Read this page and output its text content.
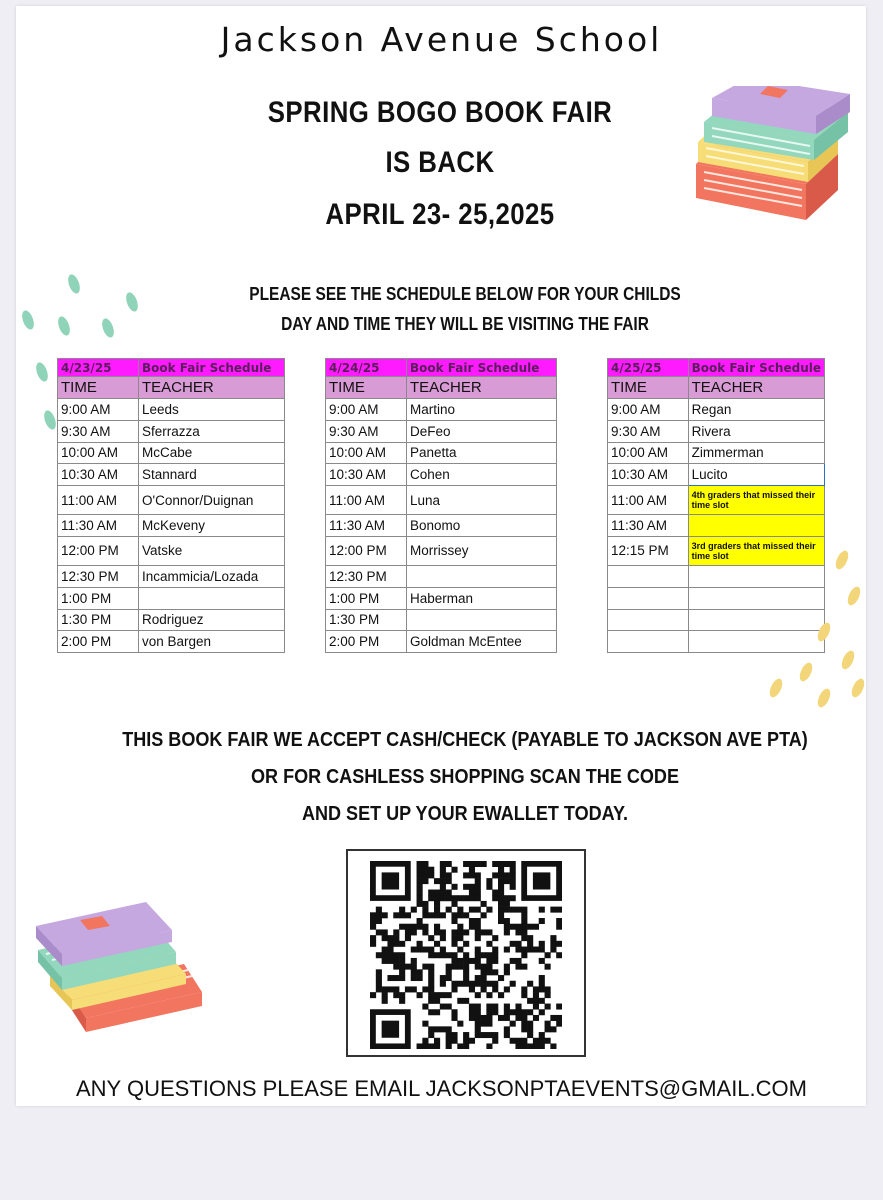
Jackson Avenue School
SPRING BOGO BOOK FAIR
IS BACK
APRIL 23- 25,2025
PLEASE SEE THE SCHEDULE BELOW FOR YOUR CHILDS
DAY AND TIME THEY WILL BE VISITING THE FAIR
4/23/25	Book Fair Schedule
TIME	TEACHER
9:00 AM	Leeds
9:30 AM	Sferrazza
10:00 AM	McCabe
10:30 AM	Stannard
11:00 AM	O'Connor/Duignan
11:30 AM	McKeveny
12:00 PM	Vatske
12:30 PM	Incammicia/Lozada
1:00 PM	
1:30 PM	Rodriguez
2:00 PM	von Bargen
4/24/25	Book Fair Schedule
TIME	TEACHER
9:00 AM	Martino
9:30 AM	DeFeo
10:00 AM	Panetta
10:30 AM	Cohen
11:00 AM	Luna
11:30 AM	Bonomo
12:00 PM	Morrissey
12:30 PM	
1:00 PM	Haberman
1:30 PM	
2:00 PM	Goldman McEntee
4/25/25	Book Fair Schedule
TIME	TEACHER
9:00 AM	Regan
9:30 AM	Rivera
10:00 AM	Zimmerman
10:30 AM	Lucito
11:00 AM	4th graders that missed their time slot
11:30 AM	
12:15 PM	3rd graders that missed their time slot

THIS BOOK FAIR WE ACCEPT CASH/CHECK (PAYABLE TO JACKSON AVE PTA)
OR FOR CASHLESS SHOPPING SCAN THE CODE
AND SET UP YOUR EWALLET TODAY.
ANY QUESTIONS PLEASE EMAIL JACKSONPTAEVENTS@GMAIL.COM
